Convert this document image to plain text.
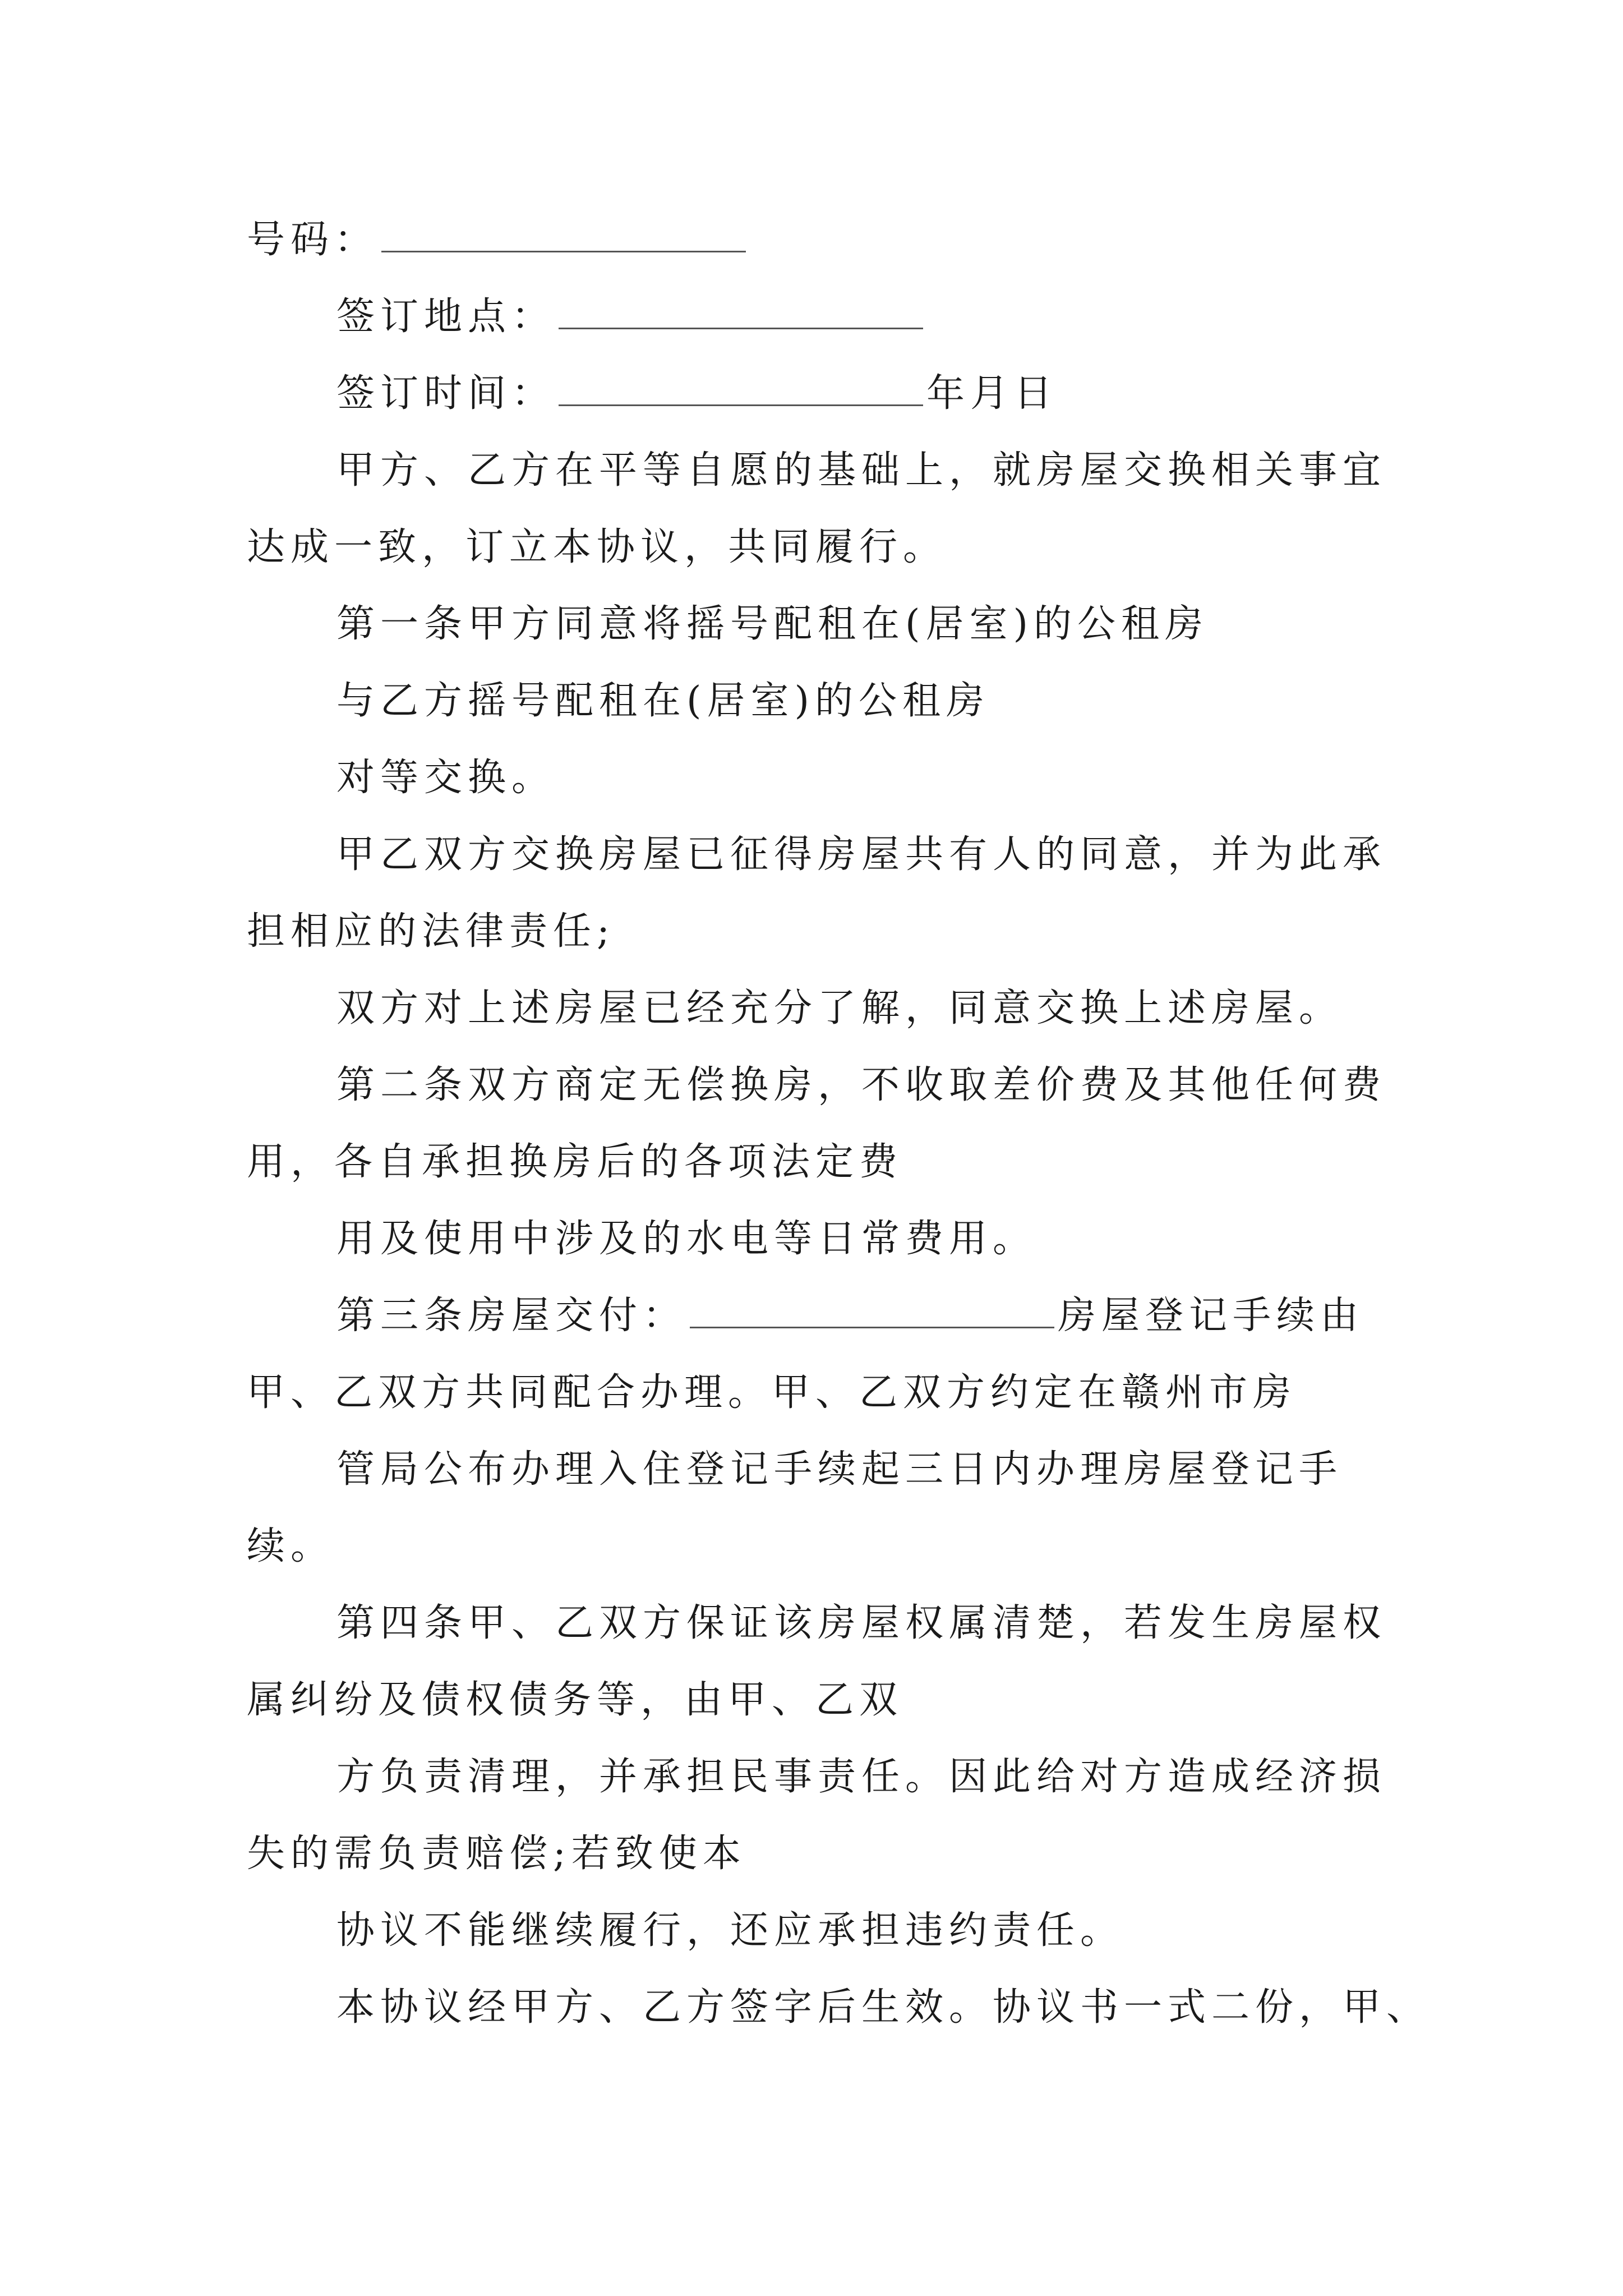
号码：
签订地点：
签订时间：	年月日
甲方、乙方在平等自愿的基础上，就房屋交换相关事宜
达成一致，订立本协议，共同履行。
第一条甲方同意将摇号配租在(居室)的公租房
与乙方摇号配租在(居室)的公租房
对等交换。
甲乙双方交换房屋已征得房屋共有人的同意，并为此承
担相应的法律责任;
双方对上述房屋已经充分了解，同意交换上述房屋。
第二条双方商定无偿换房，不收取差价费及其他任何费
用，各自承担换房后的各项法定费
用及使用中涉及的水电等日常费用。
第三条房屋交付：	房屋登记手续由
甲、乙双方共同配合办理。甲、乙双方约定在赣州市房
管局公布办理入住登记手续起三日内办理房屋登记手
续。
第四条甲、乙双方保证该房屋权属清楚，若发生房屋权
属纠纷及债权债务等，由甲、乙双
方负责清理，并承担民事责任。因此给对方造成经济损
失的需负责赔偿;若致使本
协议不能继续履行，还应承担违约责任。
本协议经甲方、乙方签字后生效。协议书一式二份，甲、
